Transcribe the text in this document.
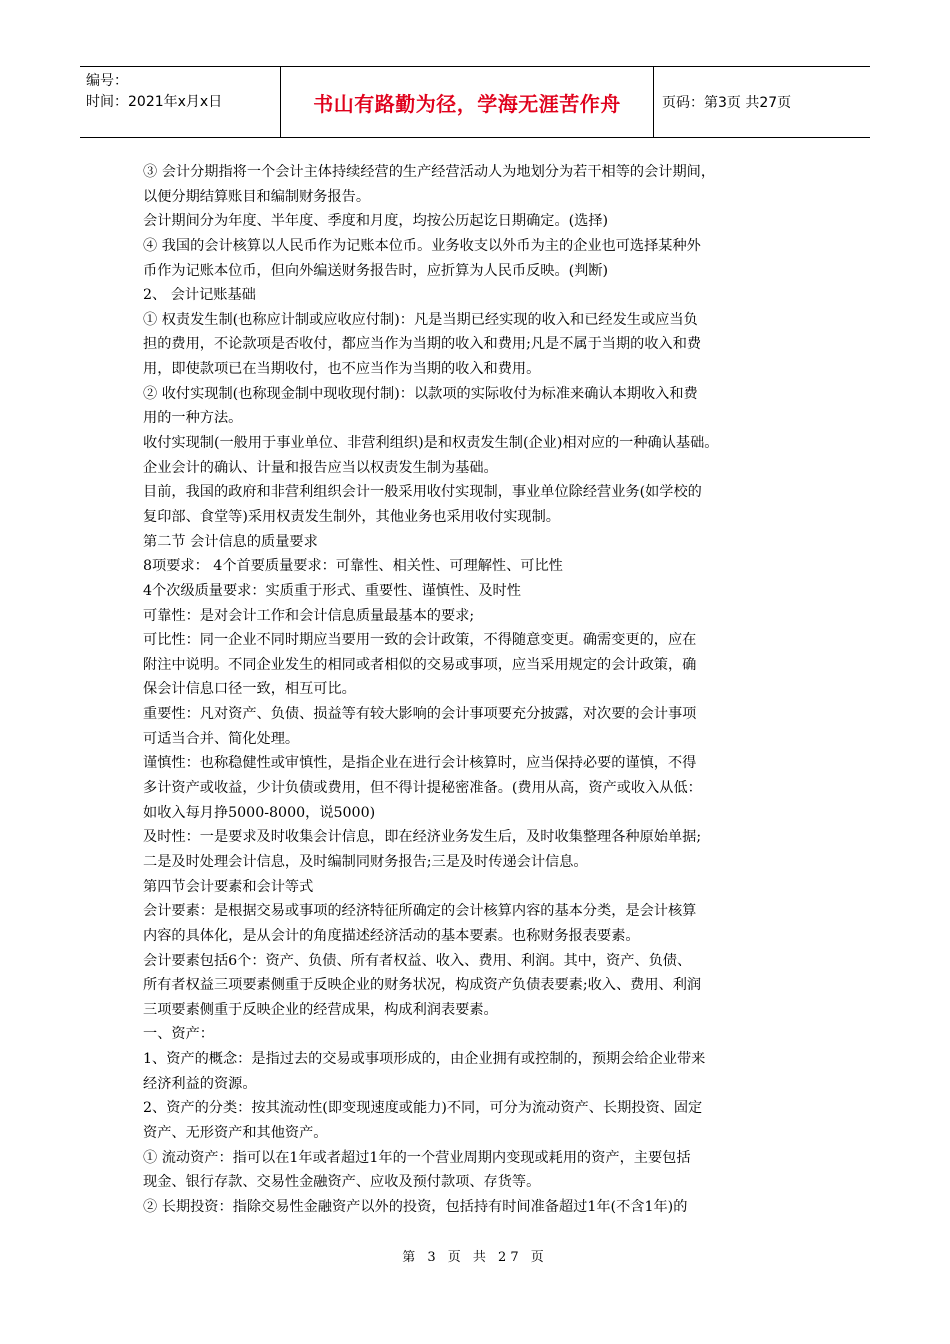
编号：
时间：2021年x月x日	书山有路勤为径，学海无涯苦作舟	页码：第3页 共27页
③ 会计分期指将一个会计主体持续经营的生产经营活动人为地划分为若干相等的会计期间，
以便分期结算账目和编制财务报告。
会计期间分为年度、半年度、季度和月度，均按公历起讫日期确定。(选择)
④ 我国的会计核算以人民币作为记账本位币。业务收支以外币为主的企业也可选择某种外
币作为记账本位币，但向外编送财务报告时，应折算为人民币反映。(判断)
2、 会计记账基础
① 权责发生制(也称应计制或应收应付制)：凡是当期已经实现的收入和已经发生或应当负
担的费用，不论款项是否收付，都应当作为当期的收入和费用;凡是不属于当期的收入和费
用，即使款项已在当期收付，也不应当作为当期的收入和费用。
② 收付实现制(也称现金制中现收现付制)：以款项的实际收付为标准来确认本期收入和费
用的一种方法。
收付实现制(一般用于事业单位、非营利组织)是和权责发生制(企业)相对应的一种确认基础。
企业会计的确认、计量和报告应当以权责发生制为基础。
目前，我国的政府和非营利组织会计一般采用收付实现制，事业单位除经营业务(如学校的
复印部、食堂等)采用权责发生制外，其他业务也采用收付实现制。
第二节 会计信息的质量要求
8项要求： 4个首要质量要求：可靠性、相关性、可理解性、可比性
4个次级质量要求：实质重于形式、重要性、谨慎性、及时性
可靠性：是对会计工作和会计信息质量最基本的要求;
可比性：同一企业不同时期应当要用一致的会计政策，不得随意变更。确需变更的，应在
附注中说明。不同企业发生的相同或者相似的交易或事项，应当采用规定的会计政策，确
保会计信息口径一致，相互可比。
重要性：凡对资产、负债、损益等有较大影响的会计事项要充分披露，对次要的会计事项
可适当合并、简化处理。
谨慎性：也称稳健性或审慎性，是指企业在进行会计核算时，应当保持必要的谨慎，不得
多计资产或收益，少计负债或费用，但不得计提秘密准备。(费用从高，资产或收入从低：
如收入每月挣5000-8000，说5000)
及时性：一是要求及时收集会计信息，即在经济业务发生后，及时收集整理各种原始单据;
二是及时处理会计信息，及时编制同财务报告;三是及时传递会计信息。
第四节会计要素和会计等式
会计要素：是根据交易或事项的经济特征所确定的会计核算内容的基本分类，是会计核算
内容的具体化，是从会计的角度描述经济活动的基本要素。也称财务报表要素。
会计要素包括6个：资产、负债、所有者权益、收入、费用、利润。其中，资产、负债、
所有者权益三项要素侧重于反映企业的财务状况，构成资产负债表要素;收入、费用、利润
三项要素侧重于反映企业的经营成果，构成利润表要素。
一、资产：
1、资产的概念：是指过去的交易或事项形成的，由企业拥有或控制的，预期会给企业带来
经济利益的资源。
2、资产的分类：按其流动性(即变现速度或能力)不同，可分为流动资产、长期投资、固定
资产、无形资产和其他资产。
① 流动资产：指可以在1年或者超过1年的一个营业周期内变现或耗用的资产，主要包括
现金、银行存款、交易性金融资产、应收及预付款项、存货等。
② 长期投资：指除交易性金融资产以外的投资，包括持有时间准备超过1年(不含1年)的
第 3 页 共 27 页
